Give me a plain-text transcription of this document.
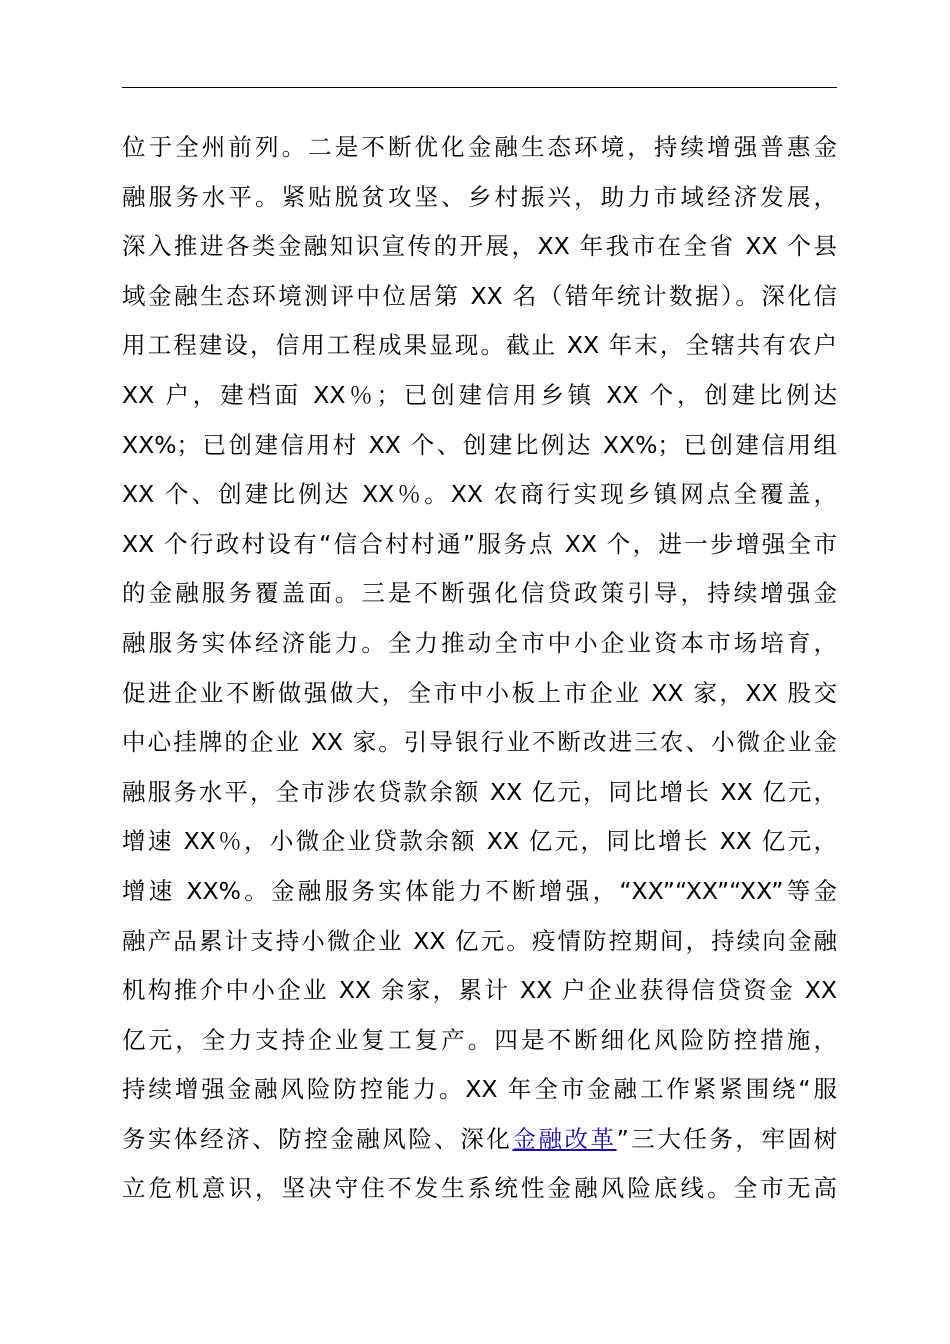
位于全州前列。二是不断优化金融生态环境，持续增强普惠金
融服务水平。紧贴脱贫攻坚、乡村振兴，助力市域经济发展，
深入推进各类金融知识宣传的开展，XX 年我市在全省 XX 个县
域金融生态环境测评中位居第 XX 名（错年统计数据）。深化信
用工程建设，信用工程成果显现。截止 XX 年末，全辖共有农户
XX 户，建档面 XX％；已创建信用乡镇 XX 个，创建比例达
XX%；已创建信用村 XX 个、创建比例达 XX%；已创建信用组
XX 个、创建比例达 XX％。XX 农商行实现乡镇网点全覆盖，
XX 个行政村设有“信合村村通”服务点 XX 个，进一步增强全市
的金融服务覆盖面。三是不断强化信贷政策引导，持续增强金
融服务实体经济能力。全力推动全市中小企业资本市场培育，
促进企业不断做强做大，全市中小板上市企业 XX 家，XX 股交
中心挂牌的企业 XX 家。引导银行业不断改进三农、小微企业金
融服务水平，全市涉农贷款余额 XX 亿元，同比增长 XX 亿元，
增速 XX％，小微企业贷款余额 XX 亿元，同比增长 XX 亿元，
增速 XX%。金融服务实体能力不断增强，“XX”“XX”“XX”等金
融产品累计支持小微企业 XX 亿元。疫情防控期间，持续向金融
机构推介中小企业 XX 余家，累计 XX 户企业获得信贷资金 XX
亿元，全力支持企业复工复产。四是不断细化风险防控措施，
持续增强金融风险防控能力。XX 年全市金融工作紧紧围绕“服
务实体经济、防控金融风险、深化金融改革”三大任务，牢固树
立危机意识，坚决守住不发生系统性金融风险底线。全市无高
